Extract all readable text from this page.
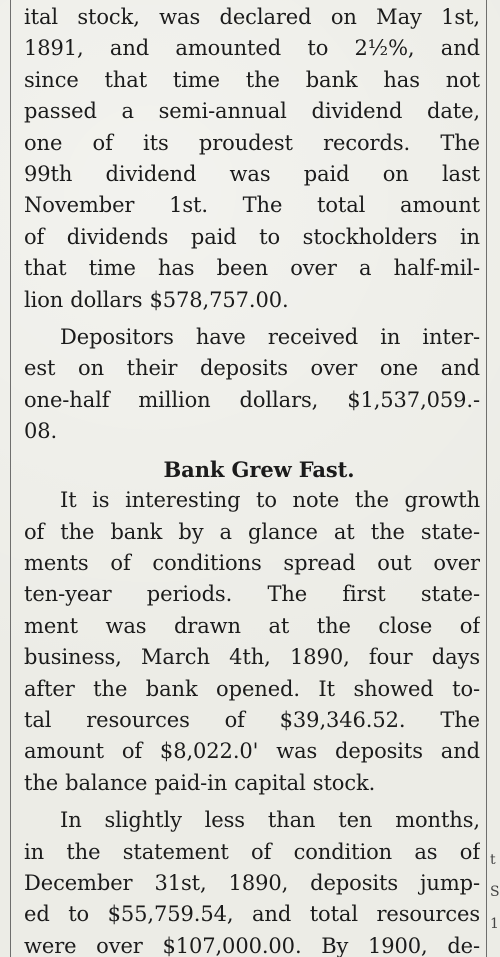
ital stock, was declared on May 1st,
1891, and amounted to 2½%, and
since that time the bank has not
passed a semi-annual dividend date,
one of its proudest records. The
99th dividend was paid on last
November 1st. The total amount
of dividends paid to stockholders in
that time has been over a half-mil-
lion dollars $578,757.00.
Depositors have received in inter-
est on their deposits over one and
one-half million dollars, $1,537,059.-
08.
Bank Grew Fast.
It is interesting to note the growth
of the bank by a glance at the state-
ments of conditions spread out over
ten-year periods. The first state-
ment was drawn at the close of
business, March 4th, 1890, four days
after the bank opened. It showed to-
tal resources of $39,346.52. The
amount of $8,022.0' was deposits and
the balance paid-in capital stock.
In slightly less than ten months,
in the statement of condition as of
December 31st, 1890, deposits jump-
ed to $55,759.54, and total resources
were over $107,000.00. By 1900, de-
t
S
1
